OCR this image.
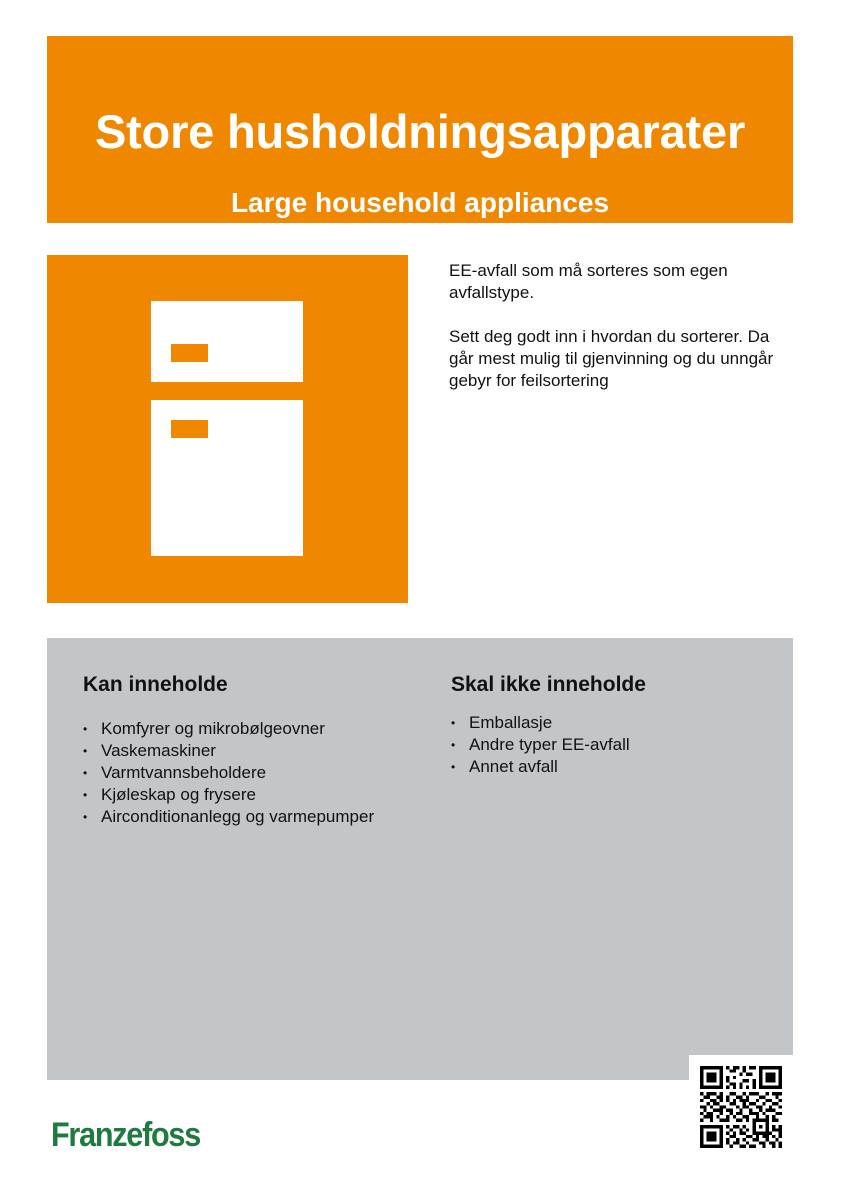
Store husholdningsapparater
Large household appliances

EE-avfall som må sorteres som egen avfallstype.

Sett deg godt inn i hvordan du sorterer. Da går mest mulig til gjenvinning og du unngår gebyr for feilsortering

Kan inneholde
• Komfyrer og mikrobølgeovner
• Vaskemaskiner
• Varmtvannsbeholdere
• Kjøleskap og frysere
• Airconditionanlegg og varmepumper
Skal ikke inneholde
• Emballasje
• Andre typer EE-avfall
• Annet avfall
Franzefoss
